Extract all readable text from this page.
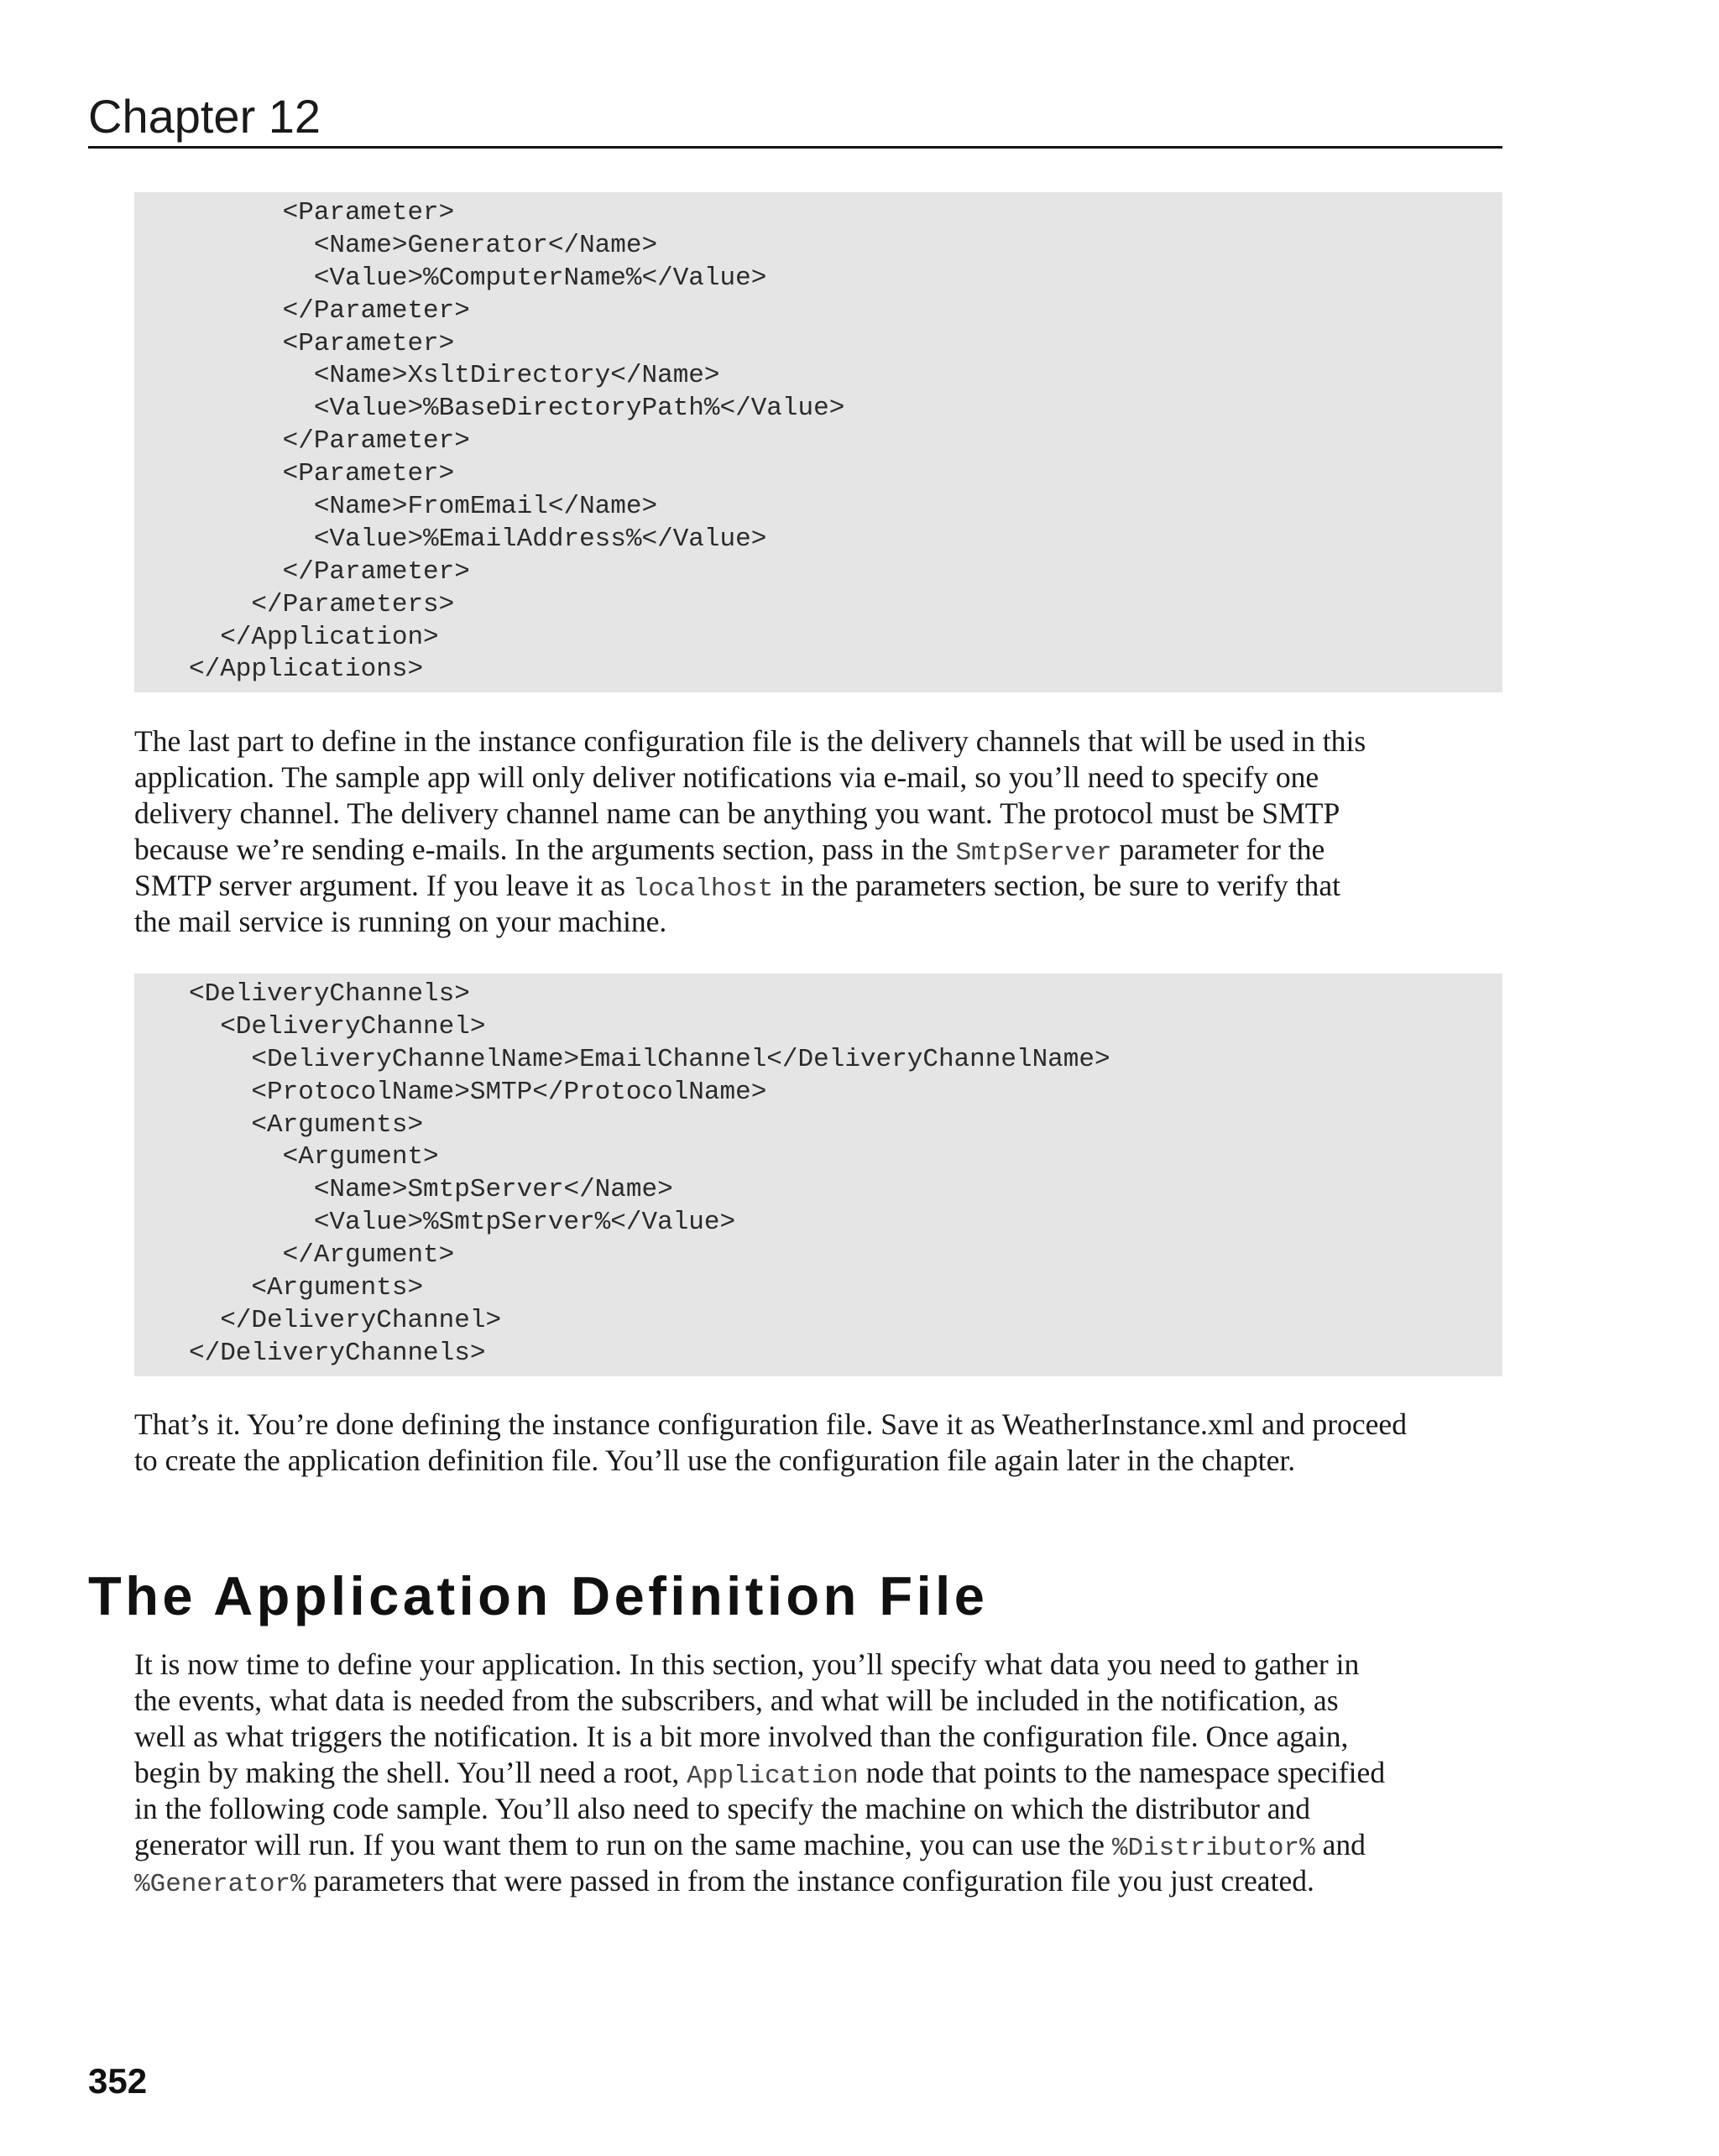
Chapter 12
<Parameter>
<Name>Generator</Name>
<Value>%ComputerName%</Value>
</Parameter>
<Parameter>
<Name>XsltDirectory</Name>
<Value>%BaseDirectoryPath%</Value>
</Parameter>
<Parameter>
<Name>FromEmail</Name>
<Value>%EmailAddress%</Value>
</Parameter>
</Parameters>
</Application>
</Applications>

The last part to define in the instance configuration file is the delivery channels that will be used in this
application. The sample app will only deliver notifications via e-mail, so you’ll need to specify one
delivery channel. The delivery channel name can be anything you want. The protocol must be SMTP
because we’re sending e-mails. In the arguments section, pass in the SmtpServer parameter for the
SMTP server argument. If you leave it as localhost in the parameters section, be sure to verify that
the mail service is running on your machine.

<DeliveryChannels>
<DeliveryChannel>
<DeliveryChannelName>EmailChannel</DeliveryChannelName>
<ProtocolName>SMTP</ProtocolName>
<Arguments>
<Argument>
<Name>SmtpServer</Name>
<Value>%SmtpServer%</Value>
</Argument>
<Arguments>
</DeliveryChannel>
</DeliveryChannels>

That’s it. You’re done defining the instance configuration file. Save it as WeatherInstance.xml and proceed
to create the application definition file. You’ll use the configuration file again later in the chapter.

The Application Definition File

It is now time to define your application. In this section, you’ll specify what data you need to gather in
the events, what data is needed from the subscribers, and what will be included in the notification, as
well as what triggers the notification. It is a bit more involved than the configuration file. Once again,
begin by making the shell. You’ll need a root, Application node that points to the namespace specified
in the following code sample. You’ll also need to specify the machine on which the distributor and
generator will run. If you want them to run on the same machine, you can use the %Distributor% and
%Generator% parameters that were passed in from the instance configuration file you just created.

352
